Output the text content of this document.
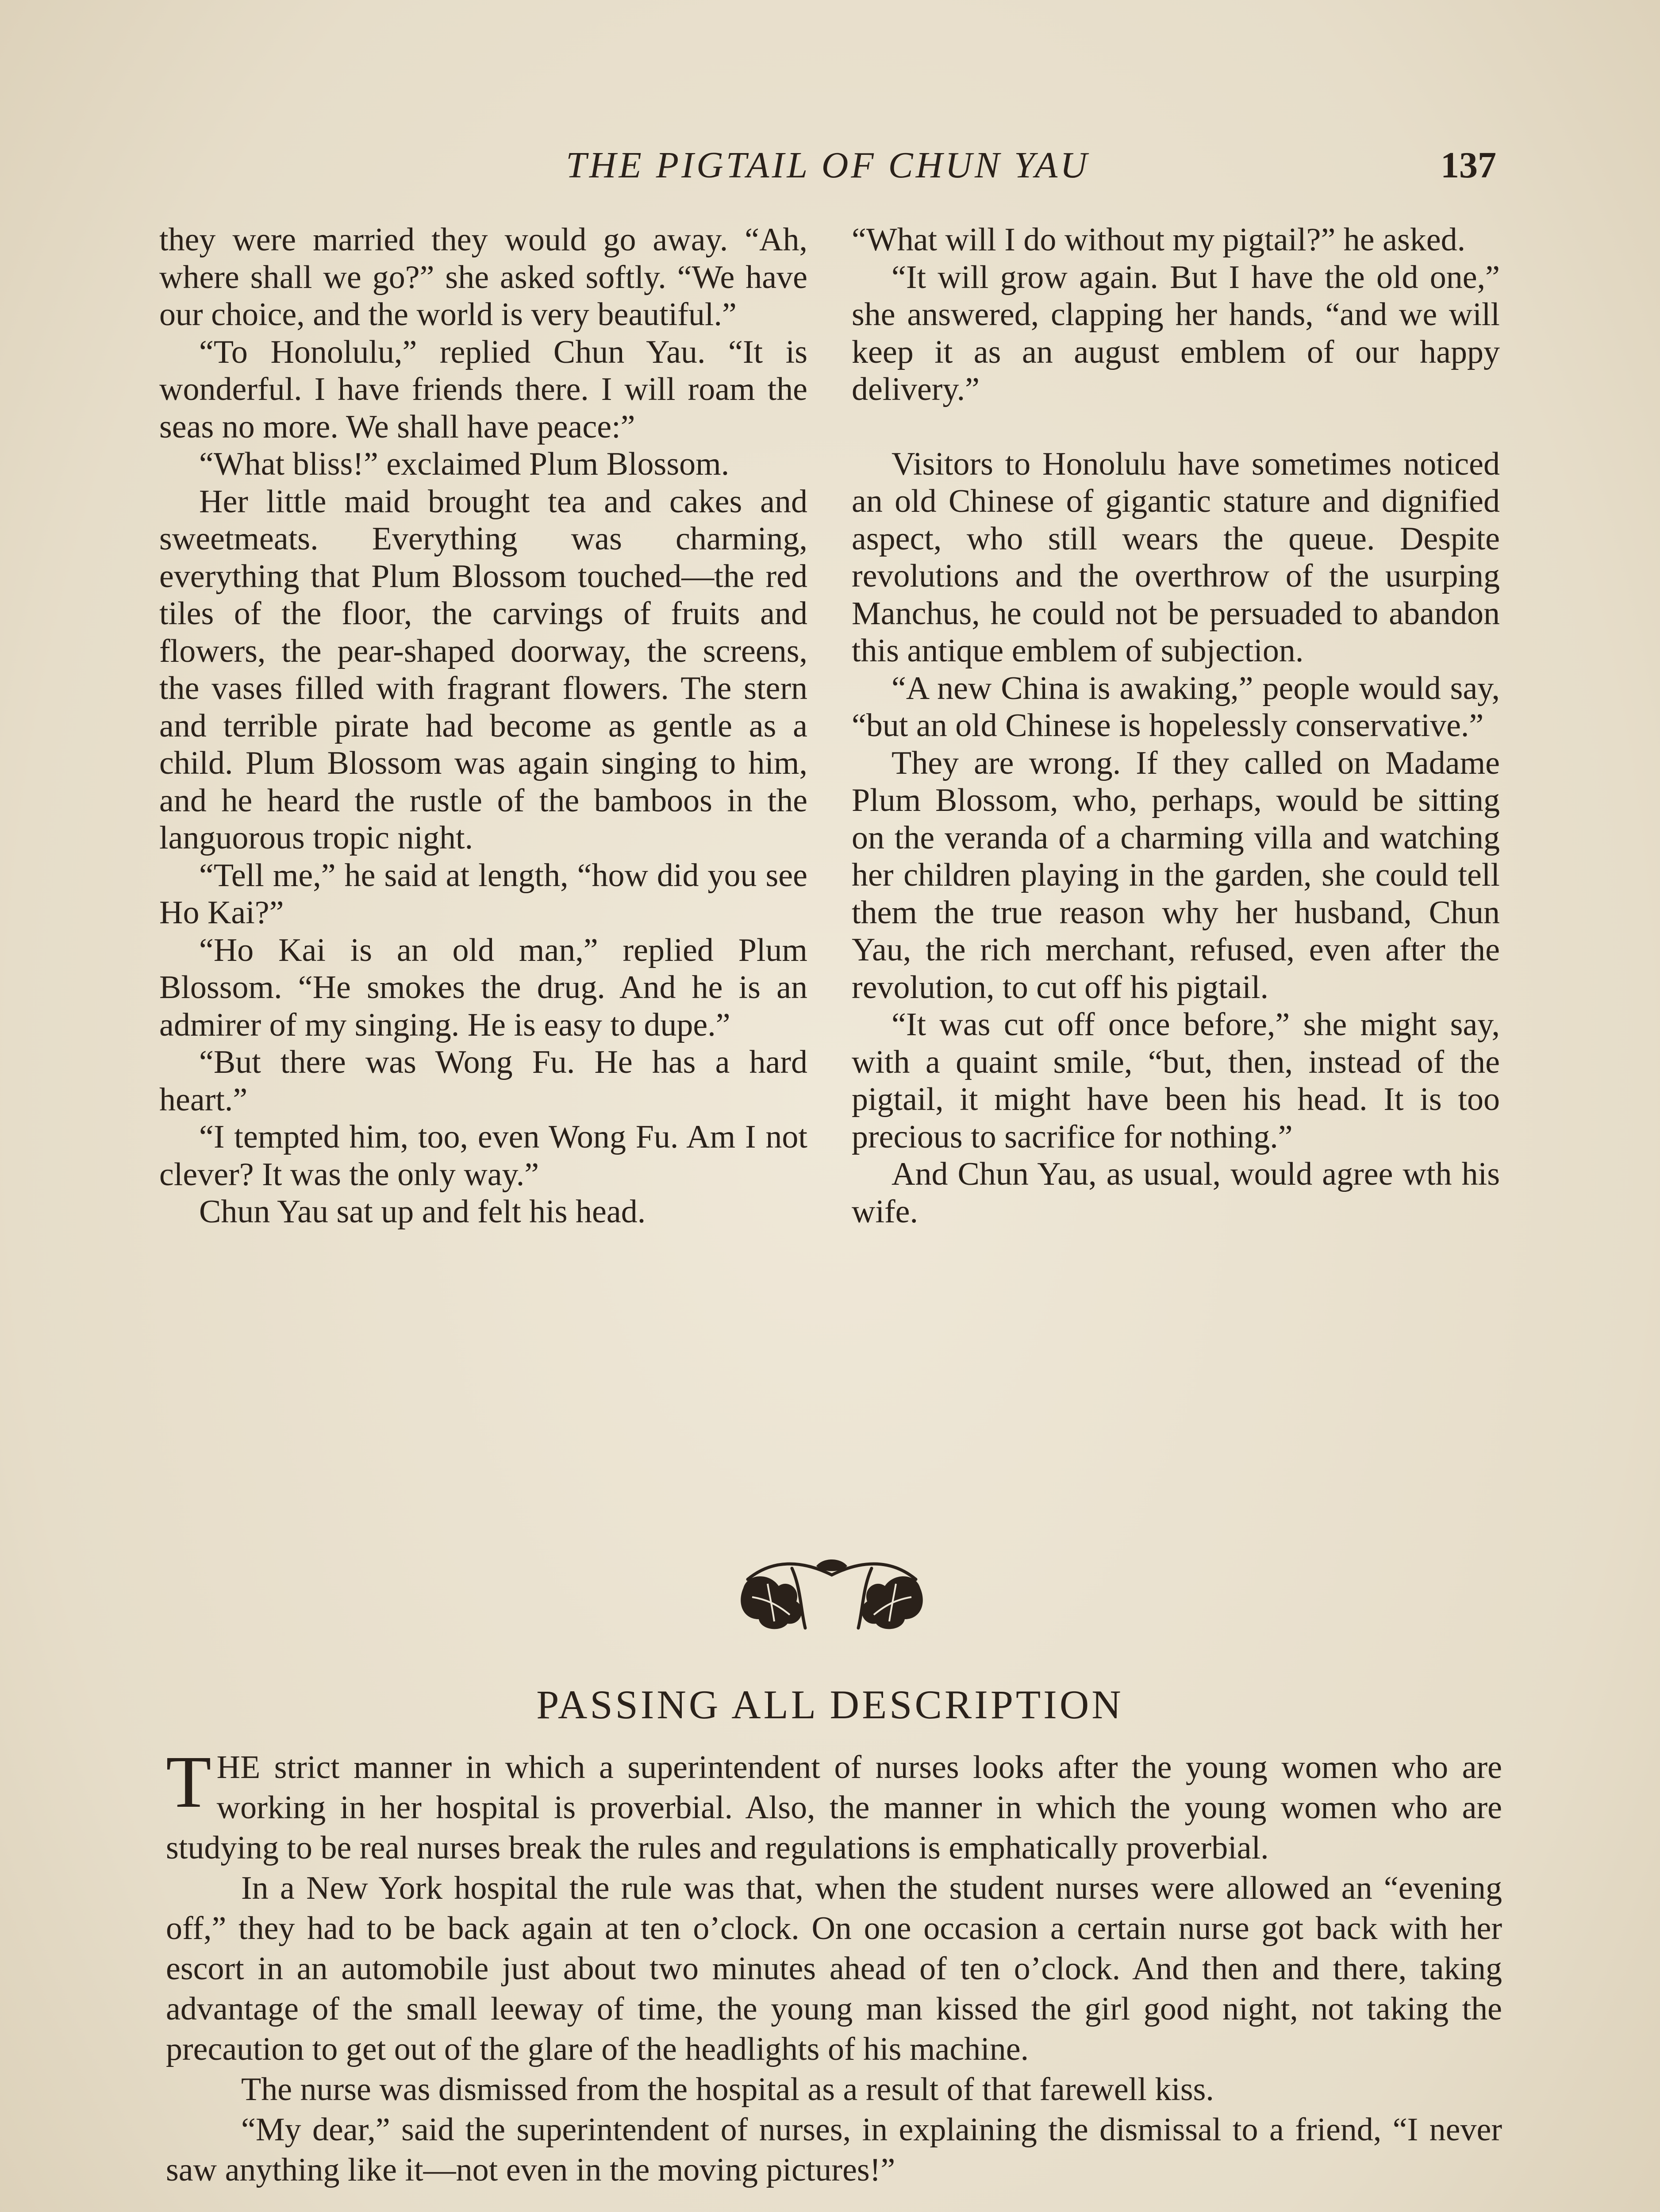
THE PIGTAIL OF CHUN YAU	137

they were married they would go away. “Ah, where shall we go?” she asked softly. “We have our choice, and the world is very beautiful.”

“To Honolulu,” replied Chun Yau. “It is wonderful. I have friends there. I will roam the seas no more. We shall have peace:”

“What bliss!” exclaimed Plum Blossom.

Her little maid brought tea and cakes and sweetmeats. Everything was charming, everything that Plum Blossom touched—the red tiles of the floor, the carvings of fruits and flowers, the pear-shaped doorway, the screens, the vases filled with fragrant flowers. The stern and terrible pirate had become as gentle as a child. Plum Blossom was again singing to him, and he heard the rustle of the bamboos in the languorous tropic night.

“Tell me,” he said at length, “how did you see Ho Kai?”

“Ho Kai is an old man,” replied Plum Blossom. “He smokes the drug. And he is an admirer of my singing. He is easy to dupe.”

“But there was Wong Fu. He has a hard heart.”

“I tempted him, too, even Wong Fu. Am I not clever? It was the only way.”

Chun Yau sat up and felt his head.

“What will I do without my pigtail?” he asked.

“It will grow again. But I have the old one,” she answered, clapping her hands, “and we will keep it as an august emblem of our happy delivery.”

Visitors to Honolulu have sometimes noticed an old Chinese of gigantic stature and dignified aspect, who still wears the queue. Despite revolutions and the overthrow of the usurping Manchus, he could not be persuaded to abandon this antique emblem of subjection.

“A new China is awaking,” people would say, “but an old Chinese is hopelessly conservative.”

They are wrong. If they called on Madame Plum Blossom, who, perhaps, would be sitting on the veranda of a charming villa and watching her children playing in the garden, she could tell them the true reason why her husband, Chun Yau, the rich merchant, refused, even after the revolution, to cut off his pigtail.

“It was cut off once before,” she might say, with a quaint smile, “but, then, instead of the pigtail, it might have been his head. It is too precious to sacrifice for nothing.”

And Chun Yau, as usual, would agree wth his wife.

PASSING ALL DESCRIPTION

THE strict manner in which a superintendent of nurses looks after the young women who are working in her hospital is proverbial. Also, the manner in which the young women who are studying to be real nurses break the rules and regulations is emphatically proverbial.

In a New York hospital the rule was that, when the student nurses were allowed an “evening off,” they had to be back again at ten o’clock. On one occasion a certain nurse got back with her escort in an automobile just about two minutes ahead of ten o’clock. And then and there, taking advantage of the small leeway of time, the young man kissed the girl good night, not taking the precaution to get out of the glare of the headlights of his machine.

The nurse was dismissed from the hospital as a result of that farewell kiss.

“My dear,” said the superintendent of nurses, in explaining the dismissal to a friend, “I never saw anything like it—not even in the moving pictures!”
